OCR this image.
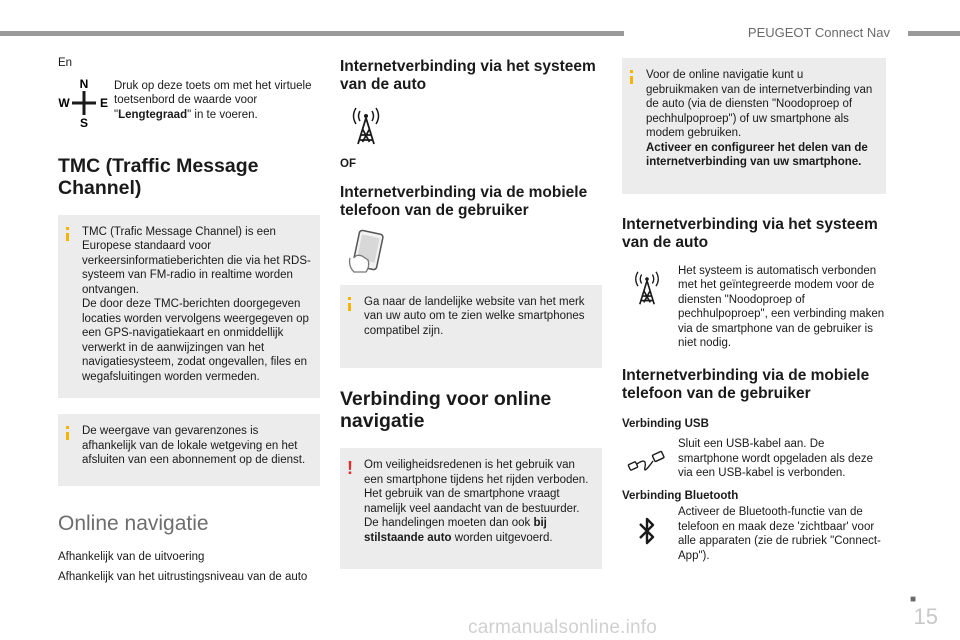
PEUGEOT Connect Nav
■
15
carmanualsonline.info
En
N
W	E
S
Druk op deze toets om met het virtuele toetsenbord de waarde voor "Lengtegraad" in te voeren.
TMC (Traffic Message Channel)
TMC (Trafic Message Channel) is een Europese standaard voor verkeersinformatieberichten die via het RDS-systeem van FM-radio in realtime worden ontvangen.
De door deze TMC-berichten doorgegeven locaties worden vervolgens weergegeven op een GPS-navigatiekaart en onmiddellijk verwerkt in de aanwijzingen van het navigatiesysteem, zodat ongevallen, files en wegafsluitingen worden vermeden.
De weergave van gevarenzones is afhankelijk van de lokale wetgeving en het afsluiten van een abonnement op de dienst.
Online navigatie
Afhankelijk van de uitvoering
Afhankelijk van het uitrustingsniveau van de auto
Internetverbinding via het systeem van de auto
OF
Internetverbinding via de mobiele telefoon van de gebruiker
Ga naar de landelijke website van het merk van uw auto om te zien welke smartphones compatibel zijn.
Verbinding voor online navigatie
! Om veiligheidsredenen is het gebruik van een smartphone tijdens het rijden verboden. Het gebruik van de smartphone vraagt namelijk veel aandacht van de bestuurder. De handelingen moeten dan ook bij stilstaande auto worden uitgevoerd.
Voor de online navigatie kunt u gebruikmaken van de internetverbinding van de auto (via de diensten "Noodoproep of pechhulpoproep") of uw smartphone als modem gebruiken.
Activeer en configureer het delen van de internetverbinding van uw smartphone.
Internetverbinding via het systeem van de auto
Het systeem is automatisch verbonden met het geïntegreerde modem voor de diensten "Noodoproep of pechhulpoproep", een verbinding maken via de smartphone van de gebruiker is niet nodig.
Internetverbinding via de mobiele telefoon van de gebruiker
Verbinding USB
Sluit een USB-kabel aan. De smartphone wordt opgeladen als deze via een USB-kabel is verbonden.
Verbinding Bluetooth
Activeer de Bluetooth-functie van de telefoon en maak deze 'zichtbaar' voor alle apparaten (zie de rubriek "Connect-App").
